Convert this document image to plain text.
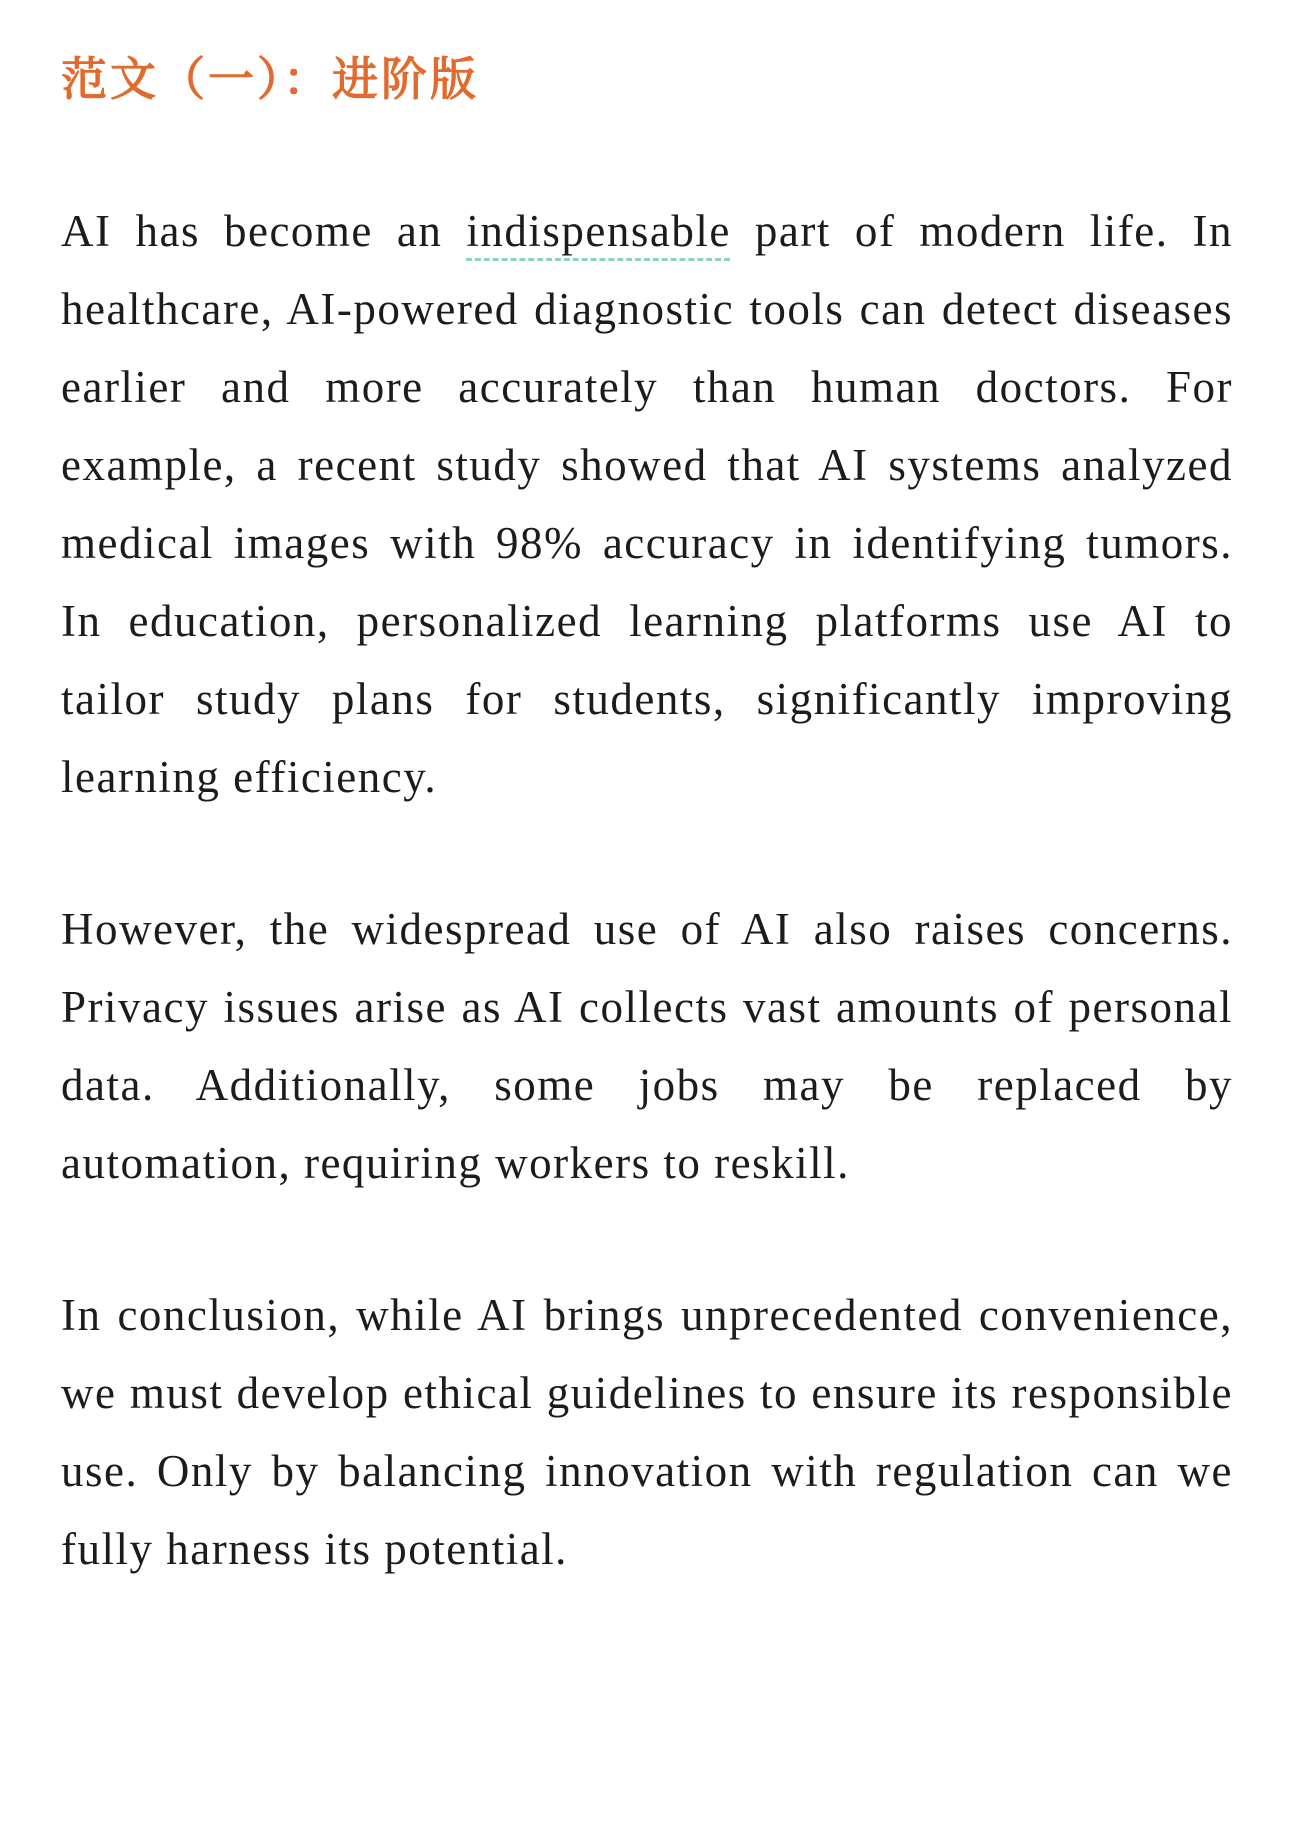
范文（一）：进阶版

AI has become an indispensable part of modern life. In healthcare, AI-powered diagnostic tools can detect diseases earlier and more accurately than human doctors. For example, a recent study showed that AI systems analyzed medical images with 98% accuracy in identifying tumors. In education, personalized learning platforms use AI to tailor study plans for students, significantly improving learning efficiency.

However, the widespread use of AI also raises concerns. Privacy issues arise as AI collects vast amounts of personal data. Additionally, some jobs may be replaced by automation, requiring workers to reskill.

In conclusion, while AI brings unprecedented convenience, we must develop ethical guidelines to ensure its responsible use. Only by balancing innovation with regulation can we fully harness its potential.
